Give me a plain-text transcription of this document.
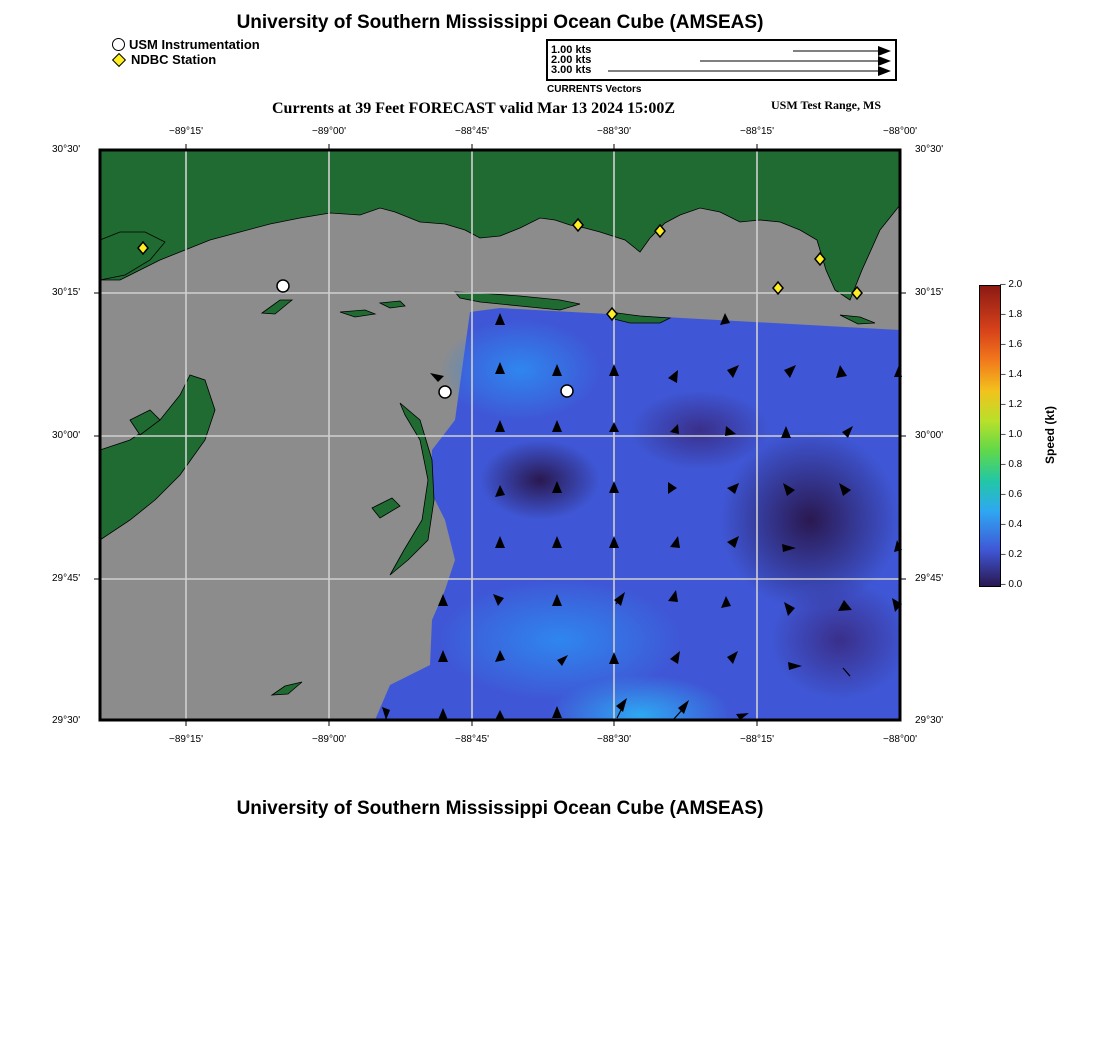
University of Southern Mississippi Ocean Cube (AMSEAS)
USM Instrumentation
NDBC Station
1.00 kts
2.00 kts
3.00 kts
CURRENTS Vectors
Currents at 39 Feet FORECAST valid Mar 13 2024 15:00Z	USM Test Range, MS
−89°15'	−89°00'	−88°45'	−88°30'	−88°15'	−88°00'
−89°15'	−89°00'	−88°45'	−88°30'	−88°15'	−88°00'
30°30'
30°15'
30°00'
29°45'
29°30'
30°30'
30°15'
30°00'
29°45'
29°30'
– 2.0
– 1.8
– 1.6
– 1.4
– 1.2
– 1.0
– 0.8
– 0.6
– 0.4
– 0.2
– 0.0
Speed (kt)
University of Southern Mississippi Ocean Cube (AMSEAS)
